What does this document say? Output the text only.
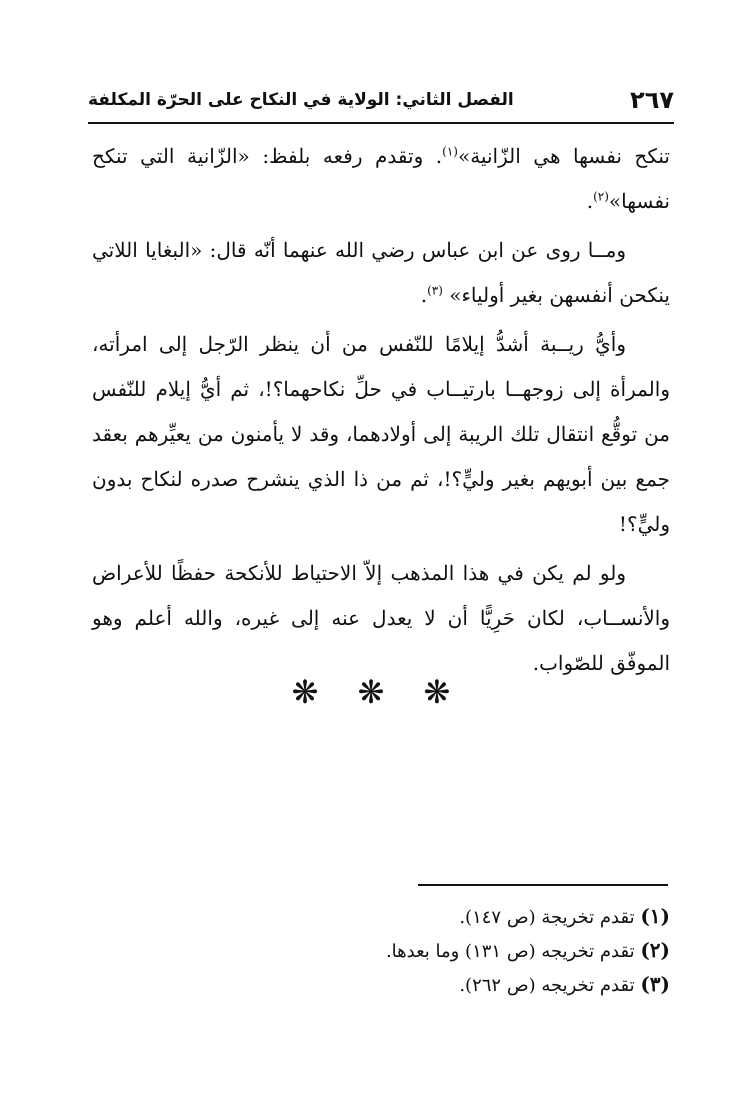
٢٦٧
الفصل الثاني: الولاية في النكاح على الحرّة المكلفة

تنكح نفسها هي الزّانية»$^{(١)}$. وتقدم رفعه بلفظ: «الزّانية التي تنكح نفسها»$^{(٢)}$.

ومــا روى عن ابن عباس رضي الله عنهما أنّه قال: «البغايا اللاتي ينكحن أنفسهن بغير أولياء» $^{(٣)}$.

وأيُّ ريــبة أشدُّ إيلامًا للنّفس من أن ينظر الرّجل إلى امرأته، والمرأة إلى زوجهــا بارتيــاب في حلِّ نكاحهما؟!، ثم أيُّ إيلام للنّفس من توقُّع انتقال تلك الريبة إلى أولادهما، وقد لا يأمنون من يعيِّرهم بعقد جمع بين أبويهم بغير وليٍّ؟!، ثم من ذا الذي ينشرح صدره لنكاح بدون وليٍّ؟!

ولو لم يكن في هذا المذهب إلاّ الاحتياط للأنكحة حفظًا للأعراض والأنســاب، لكان حَرِيًّا أن لا يعدل عنه إلى غيره، والله أعلم وهو الموفّق للصّواب.

❋ ❋ ❋
(١) تقدم تخريجة (ص ١٤٧).
(٢) تقدم تخريجه (ص ١٣١) وما بعدها.
(٣) تقدم تخريجه (ص ٢٦٢).
